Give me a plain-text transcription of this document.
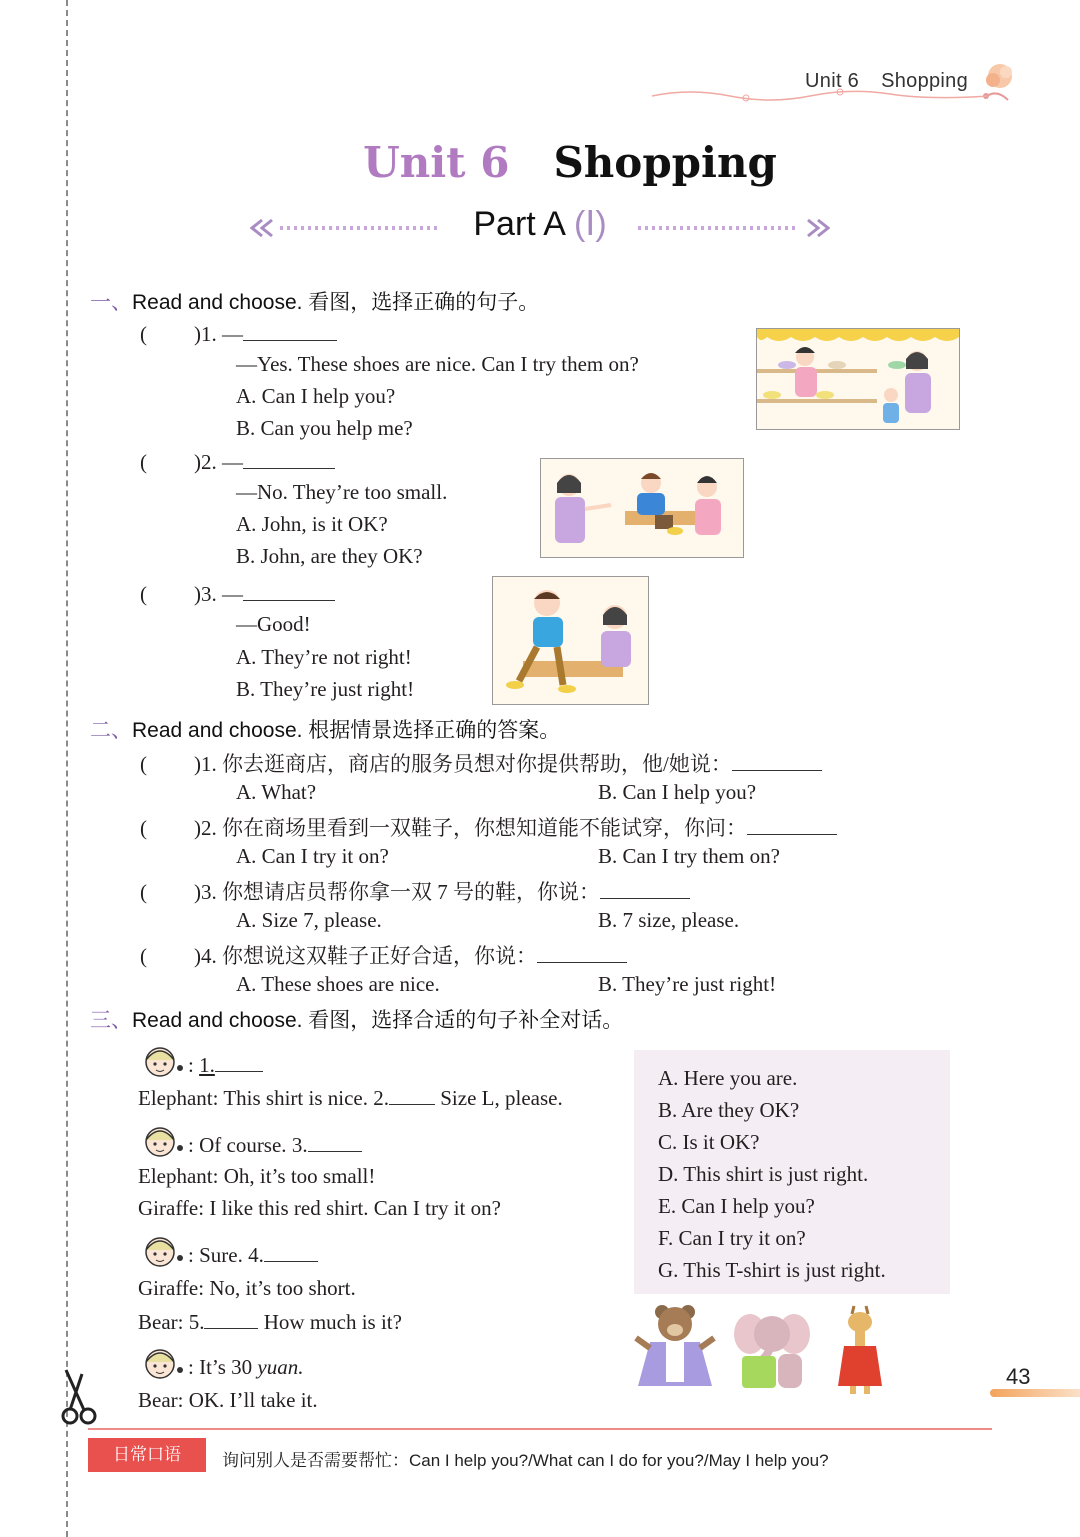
Unit 6 Shopping
Unit 6 Shopping
Part A (Ⅰ)
一、Read and choose. 看图，选择正确的句子。
( )1. —
—Yes. These shoes are nice. Can I try them on?
A. Can I help you?
B. Can you help me?
( )2. —
—No. They’re too small.
A. John, is it OK?
B. John, are they OK?
( )3. —
—Good!
A. They’re not right!
B. They’re just right!
二、Read and choose. 根据情景选择正确的答案。
( )1. 你去逛商店，商店的服务员想对你提供帮助，他/她说：
A. What?	B. Can I help you?
( )2. 你在商场里看到一双鞋子，你想知道能不能试穿，你问：
A. Can I try it on?	B. Can I try them on?
( )3. 你想请店员帮你拿一双 7 号的鞋，你说：
A. Size 7, please.	B. 7 size, please.
( )4. 你想说这双鞋子正好合适，你说：
A. These shoes are nice.	B. They’re just right!
三、Read and choose. 看图，选择合适的句子补全对话。
: 1.
Elephant: This shirt is nice. 2. Size L, please.
: Of course. 3.
Elephant: Oh, it’s too small!
Giraffe: I like this red shirt. Can I try it on?
: Sure. 4.
Giraffe: No, it’s too short.
Bear: 5.	How much is it?
: It’s 30 yuan.
Bear: OK. I’ll take it.
A. Here you are.
B. Are they OK?
C. Is it OK?
D. This shirt is just right.
E. Can I help you?
F. Can I try it on?
G. This T-shirt is just right.
43
日常口语	询问别人是否需要帮忙：Can I help you?/What can I do for you?/May I help you?
